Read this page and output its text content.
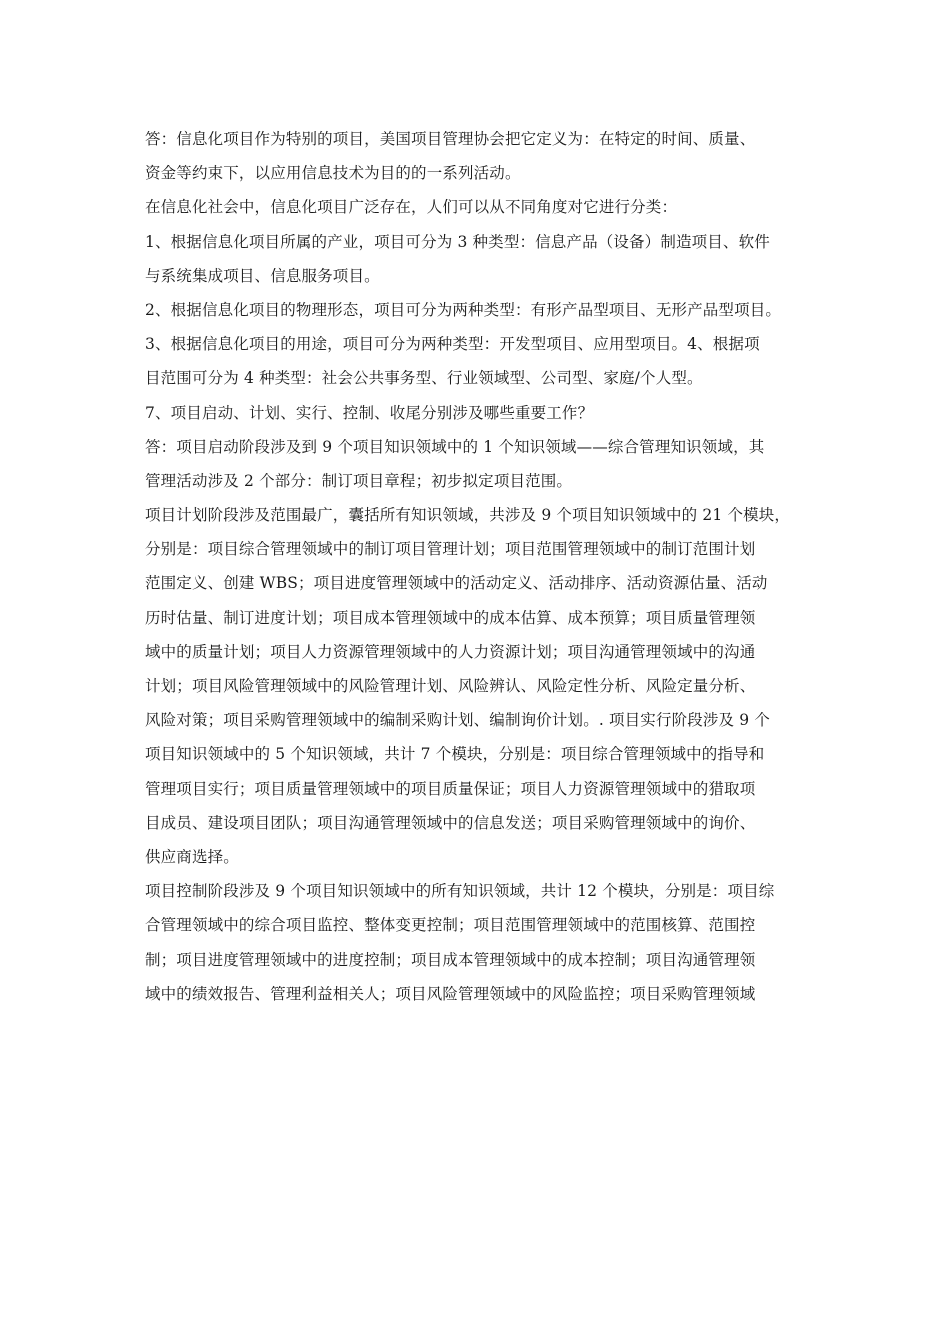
答：信息化项目作为特别的项目，美国项目管理协会把它定义为：在特定的时间、质量、
资金等约束下，以应用信息技术为目的的一系列活动。
在信息化社会中，信息化项目广泛存在，人们可以从不同角度对它进行分类：
1、根据信息化项目所属的产业，项目可分为 3 种类型：信息产品（设备）制造项目、软件
与系统集成项目、信息服务项目。
2、根据信息化项目的物理形态，项目可分为两种类型：有形产品型项目、无形产品型项目。
3、根据信息化项目的用途，项目可分为两种类型：开发型项目、应用型项目。4、根据项
目范围可分为 4 种类型：社会公共事务型、行业领域型、公司型、家庭/个人型。
7、项目启动、计划、实行、控制、收尾分别涉及哪些重要工作？
答：项目启动阶段涉及到 9 个项目知识领域中的 1 个知识领域——综合管理知识领域，其
管理活动涉及 2 个部分：制订项目章程；初步拟定项目范围。
项目计划阶段涉及范围最广，囊括所有知识领域，共涉及 9 个项目知识领域中的 21 个模块，
分别是：项目综合管理领域中的制订项目管理计划；项目范围管理领域中的制订范围计划
范围定义、创建 WBS；项目进度管理领域中的活动定义、活动排序、活动资源估量、活动
历时估量、制订进度计划；项目成本管理领域中的成本估算、成本预算；项目质量管理领
域中的质量计划；项目人力资源管理领域中的人力资源计划；项目沟通管理领域中的沟通
计划；项目风险管理领域中的风险管理计划、风险辨认、风险定性分析、风险定量分析、
风险对策；项目采购管理领域中的编制采购计划、编制询价计划。. 项目实行阶段涉及 9 个
项目知识领域中的 5 个知识领域，共计 7 个模块，分别是：项目综合管理领域中的指导和
管理项目实行；项目质量管理领域中的项目质量保证；项目人力资源管理领域中的猎取项
目成员、建设项目团队；项目沟通管理领域中的信息发送；项目采购管理领域中的询价、
供应商选择。
项目控制阶段涉及 9 个项目知识领域中的所有知识领域，共计 12 个模块，分别是：项目综
合管理领域中的综合项目监控、整体变更控制；项目范围管理领域中的范围核算、范围控
制；项目进度管理领域中的进度控制；项目成本管理领域中的成本控制；项目沟通管理领
域中的绩效报告、管理利益相关人；项目风险管理领域中的风险监控；项目采购管理领域
